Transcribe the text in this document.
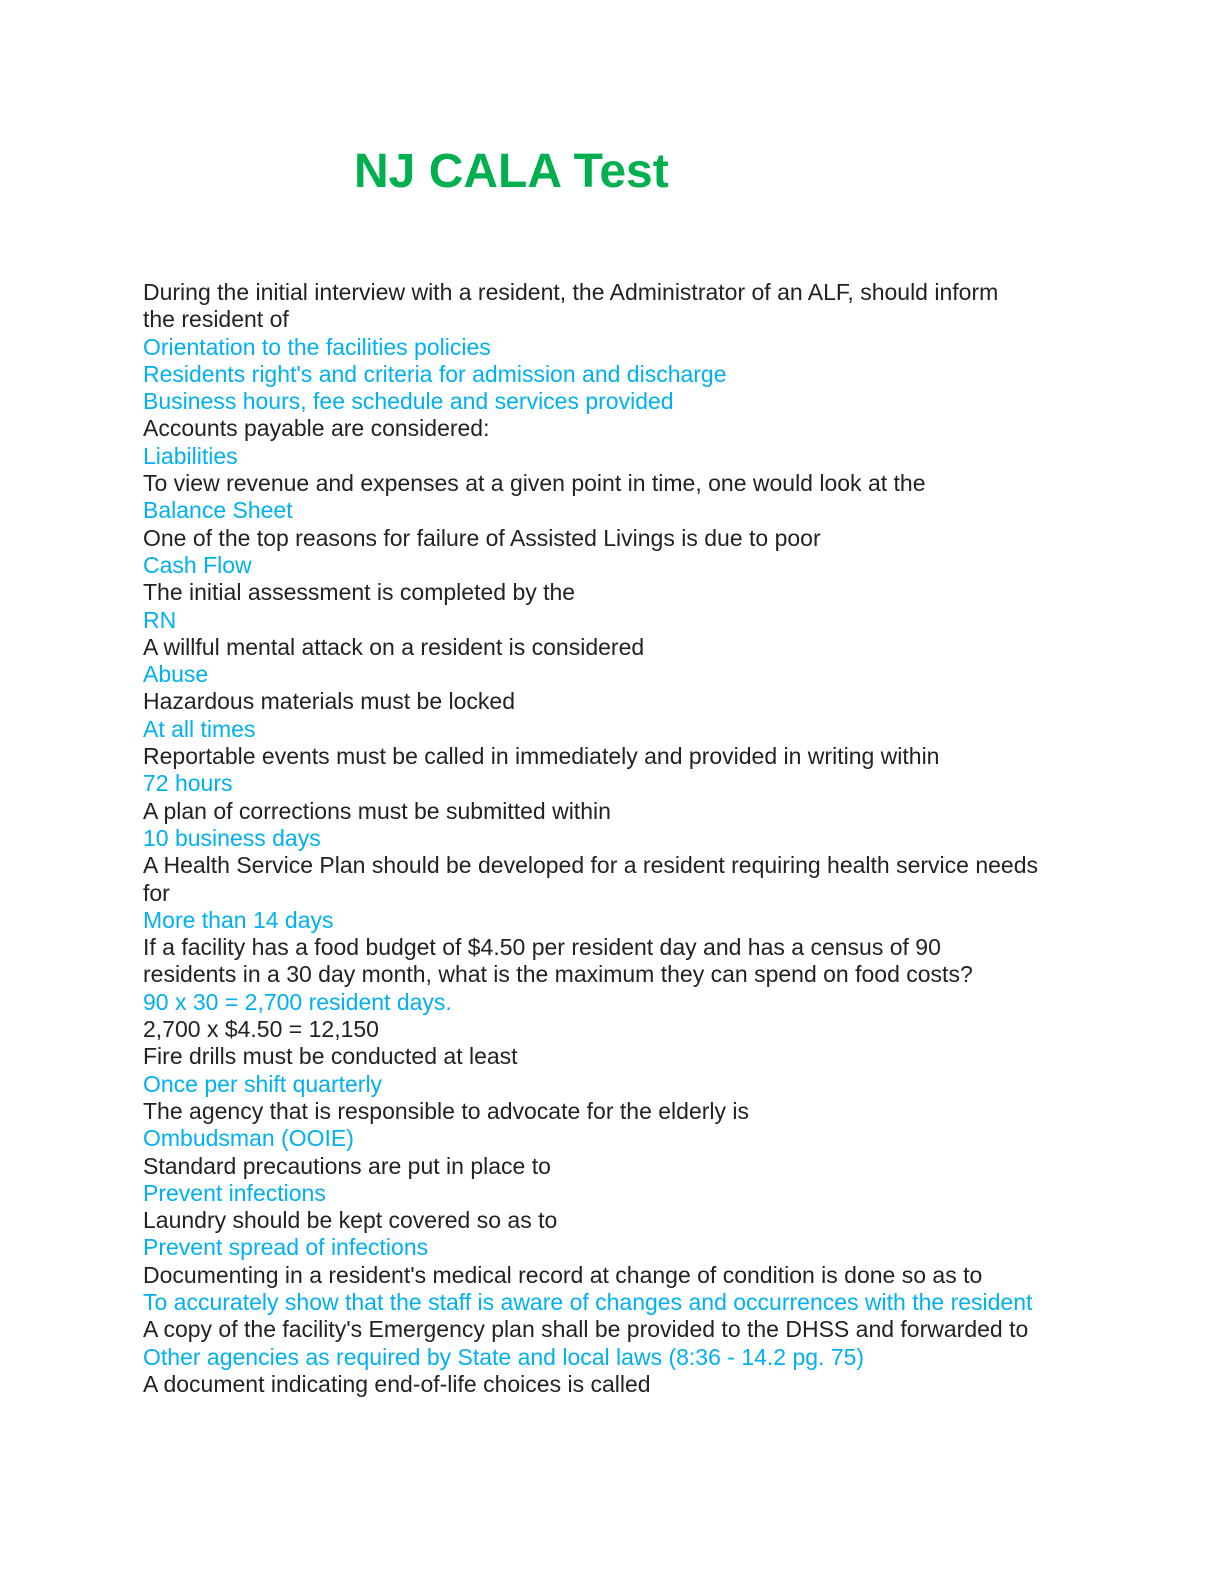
NJ CALA Test

During the initial interview with a resident, the Administrator of an ALF, should inform

the resident of

Orientation to the facilities policies

Residents right's and criteria for admission and discharge

Business hours, fee schedule and services provided

Accounts payable are considered:

Liabilities

To view revenue and expenses at a given point in time, one would look at the

Balance Sheet

One of the top reasons for failure of Assisted Livings is due to poor

Cash Flow

The initial assessment is completed by the

RN

A willful mental attack on a resident is considered

Abuse

Hazardous materials must be locked

At all times

Reportable events must be called in immediately and provided in writing within

72 hours

A plan of corrections must be submitted within

10 business days

A Health Service Plan should be developed for a resident requiring health service needs

for

More than 14 days

If a facility has a food budget of $4.50 per resident day and has a census of 90

residents in a 30 day month, what is the maximum they can spend on food costs?

90 x 30 = 2,700 resident days.

2,700 x $4.50 = 12,150

Fire drills must be conducted at least

Once per shift quarterly

The agency that is responsible to advocate for the elderly is

Ombudsman (OOIE)

Standard precautions are put in place to

Prevent infections

Laundry should be kept covered so as to

Prevent spread of infections

Documenting in a resident's medical record at change of condition is done so as to

To accurately show that the staff is aware of changes and occurrences with the resident

A copy of the facility's Emergency plan shall be provided to the DHSS and forwarded to

Other agencies as required by State and local laws (8:36 - 14.2 pg. 75)

A document indicating end-of-life choices is called
